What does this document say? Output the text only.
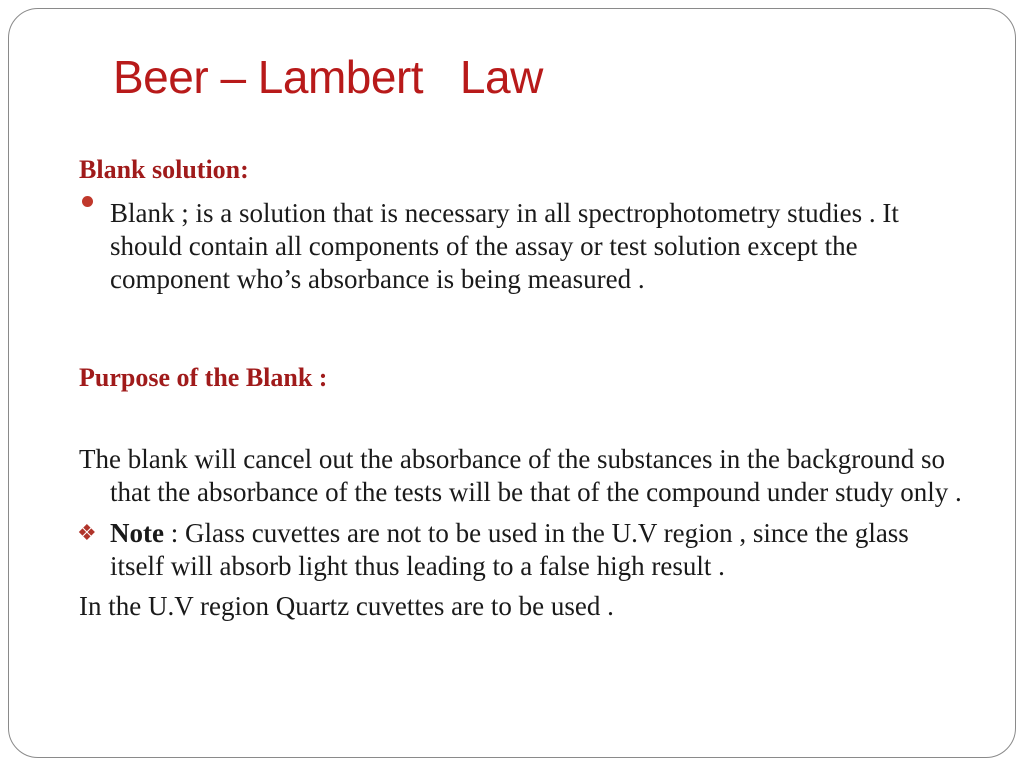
Beer – Lambert   Law

Blank solution:

Blank ; is a solution that is necessary in all spectrophotometry studies . It should contain all components of the assay or test solution except the component who’s absorbance is being measured .

Purpose of the Blank :

The blank will cancel out the absorbance of the substances in the background so that the absorbance of the tests will be that of the compound under study only .

❖ Note : Glass cuvettes are not to be used in the U.V region , since the glass itself will absorb light thus leading to a false high result .

In the U.V region Quartz cuvettes are to be used .
